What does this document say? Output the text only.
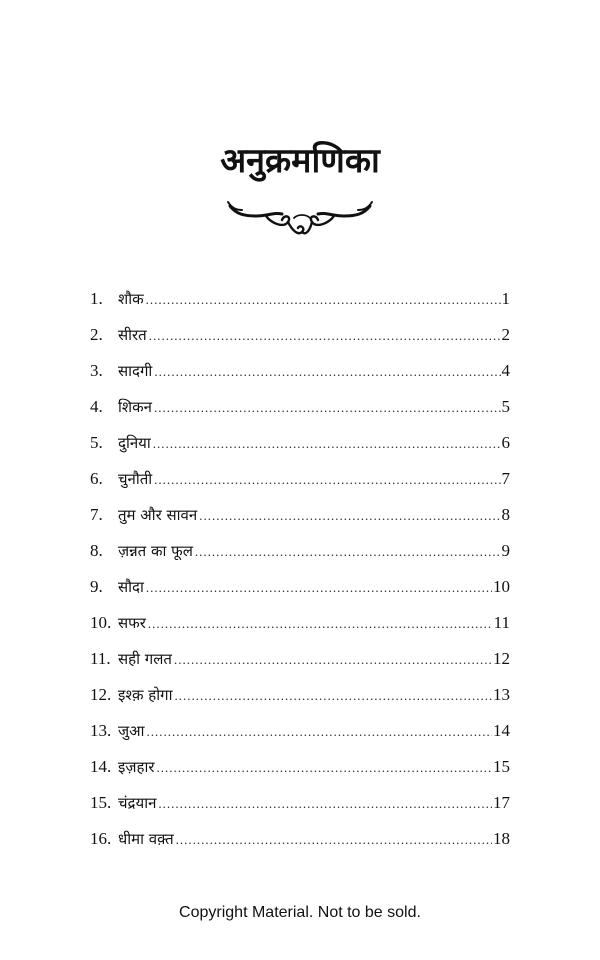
अनुक्रमणिका
1.	शौक .....	1
2.	सीरत .....	2
3.	सादगी .....	4
4.	शिकन .....	5
5.	दुनिया .....	6
6.	चुनौती .....	7
7.	तुम और सावन .....	8
8.	ज़न्नत का फूल .....	9
9.	सौदा .....	10
10. सफर .....	11
11. सही गलत .....	12
12. इश्क़ होगा .....	13
13. जुआ .....	14
14. इज़हार .....	15
15. चंद्रयान .....	17
16. धीमा वक़्त .....	18
Copyright Material. Not to be sold.
